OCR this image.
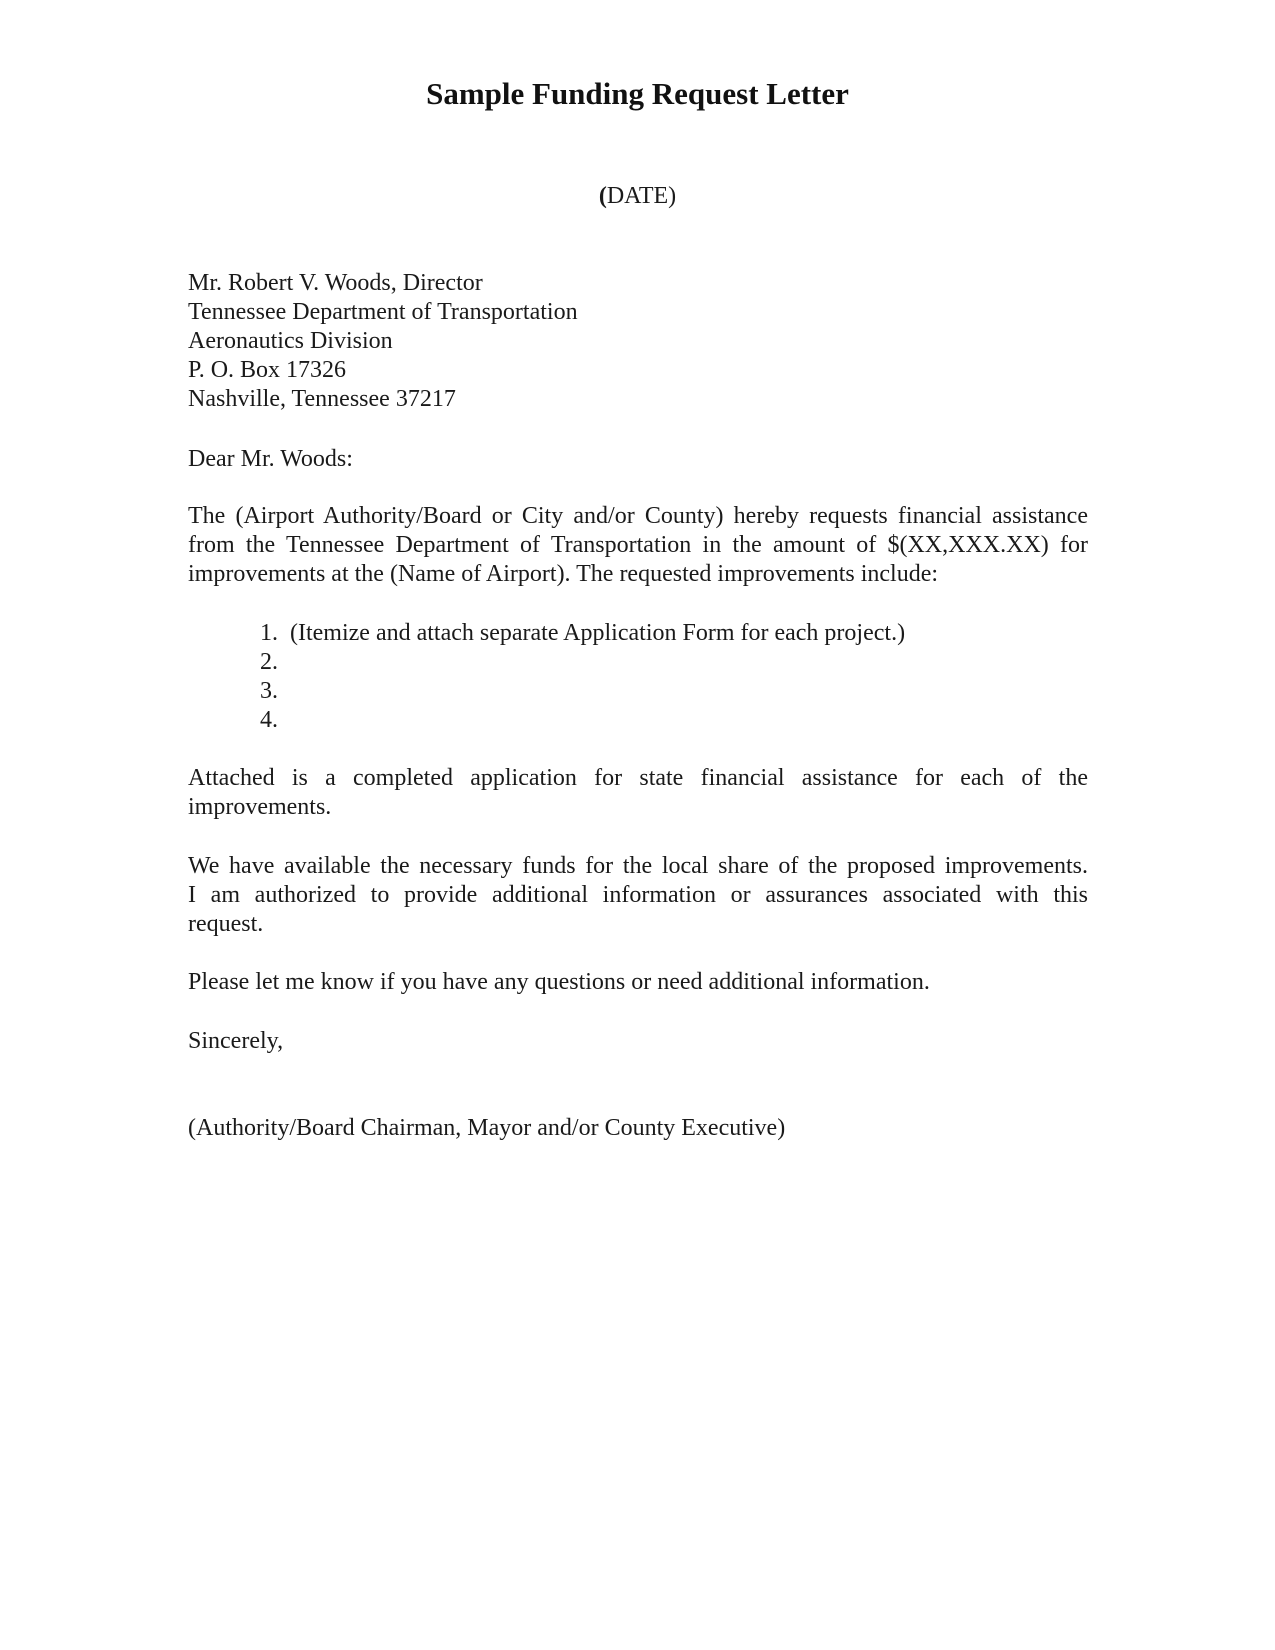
Sample Funding Request Letter
(DATE)
Mr. Robert V. Woods, Director
Tennessee Department of Transportation
Aeronautics Division
P. O. Box 17326
Nashville, Tennessee 37217
Dear Mr. Woods:
The (Airport Authority/Board or City and/or County) hereby requests financial assistance
from the Tennessee Department of Transportation in the amount of $(XX,XXX.XX) for
improvements at the (Name of Airport). The requested improvements include:
1. (Itemize and attach separate Application Form for each project.)
2.
3.
4.
Attached is a completed application for state financial assistance for each of the
improvements.
We have available the necessary funds for the local share of the proposed improvements.
I am authorized to provide additional information or assurances associated with this
request.
Please let me know if you have any questions or need additional information.
Sincerely,
(Authority/Board Chairman, Mayor and/or County Executive)
